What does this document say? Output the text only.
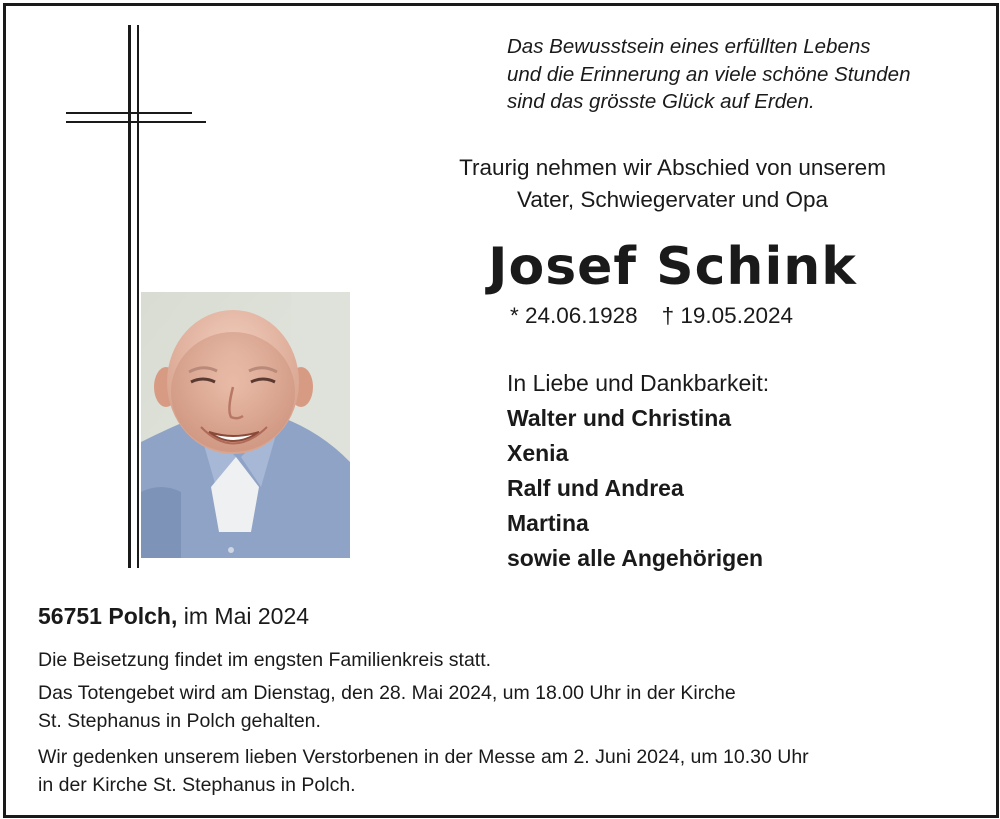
Das Bewusstsein eines erfüllten Lebens
und die Erinnerung an viele schöne Stunden
sind das grösste Glück auf Erden.
Traurig nehmen wir Abschied von unserem
Vater, Schwiegervater und Opa
Josef Schink
* 24.06.1928 † 19.05.2024
In Liebe und Dankbarkeit:
Walter und Christina
Xenia
Ralf und Andrea
Martina
sowie alle Angehörigen
56751 Polch, im Mai 2024
Die Beisetzung findet im engsten Familienkreis statt.
Das Totengebet wird am Dienstag, den 28. Mai 2024, um 18.00 Uhr in der Kirche
St. Stephanus in Polch gehalten.
Wir gedenken unserem lieben Verstorbenen in der Messe am 2. Juni 2024, um 10.30 Uhr
in der Kirche St. Stephanus in Polch.
